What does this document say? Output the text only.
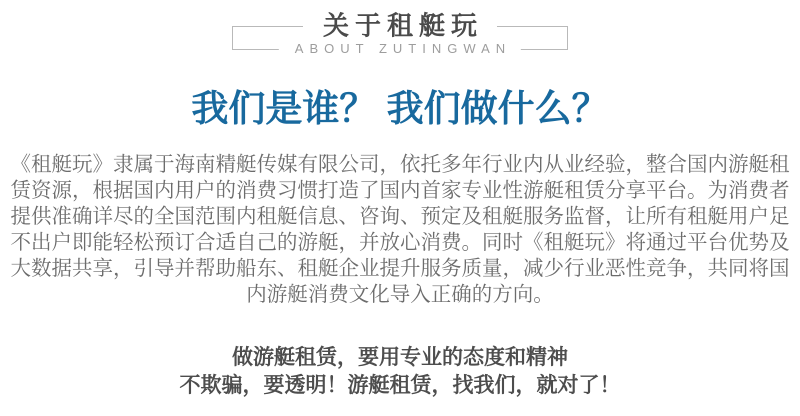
关于租艇玩
ABOUT ZUTINGWAN
我们是谁？ 我们做什么？
《租艇玩》隶属于海南精艇传媒有限公司，依托多年行业内从业经验，整合国内游艇租
赁资源，根据国内用户的消费习惯打造了国内首家专业性游艇租赁分享平台。为消费者
提供准确详尽的全国范围内租艇信息、咨询、预定及租艇服务监督，让所有租艇用户足
不出户即能轻松预订合适自己的游艇，并放心消费。同时《租艇玩》将通过平台优势及
大数据共享，引导并帮助船东、租艇企业提升服务质量，减少行业恶性竞争，共同将国
内游艇消费文化导入正确的方向。
做游艇租赁，要用专业的态度和精神
不欺骗，要透明！游艇租赁，找我们，就对了！
